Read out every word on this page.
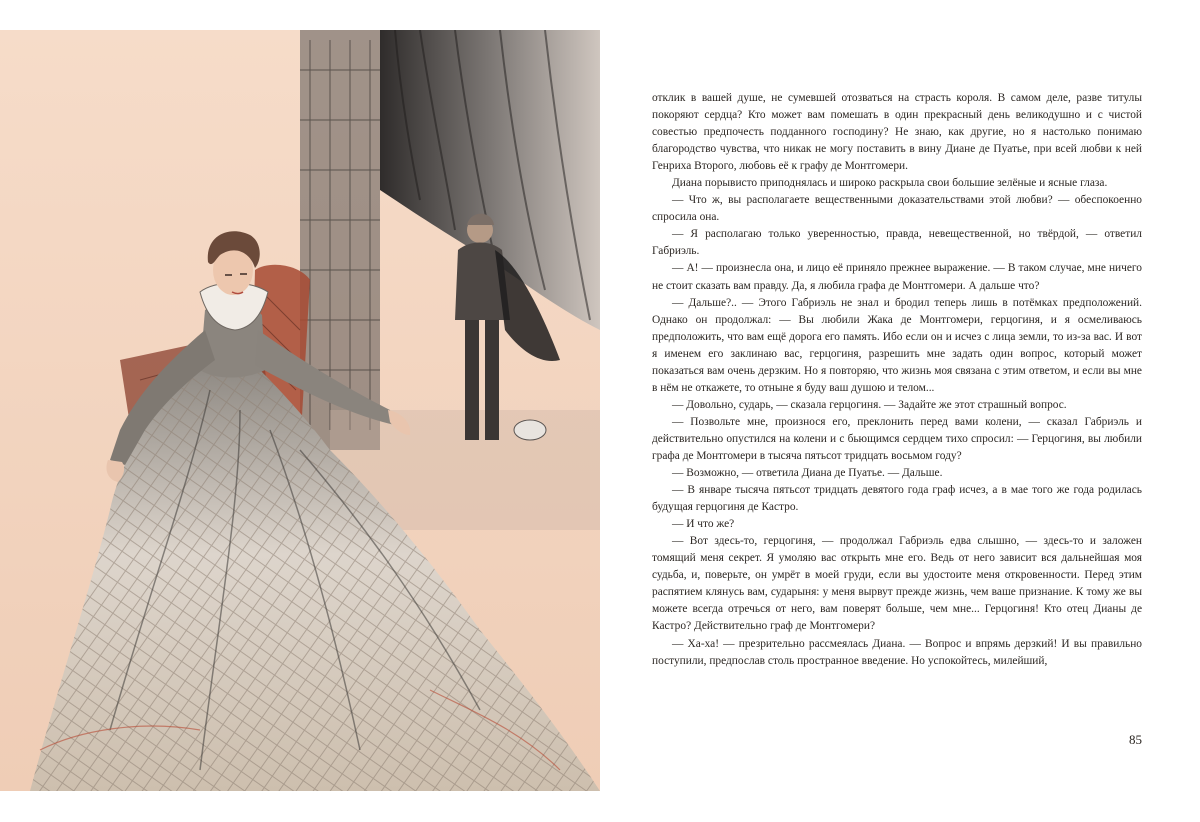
отклик в вашей душе, не сумевшей отозваться на страсть короля. В самом деле, разве титулы покоряют сердца? Кто может вам помешать в один прекрасный день великодушно и с чистой совестью предпочесть подданного господину? Не знаю, как другие, но я настолько понимаю благородство чувства, что никак не могу поставить в вину Диане де Пуатье, при всей любви к ней Генриха Второго, любовь её к графу де Монтгомери.

Диана порывисто приподнялась и широко раскрыла свои большие зелёные и ясные глаза.

— Что ж, вы располагаете вещественными доказательствами этой любви? — обеспокоенно спросила она.

— Я располагаю только уверенностью, правда, невещественной, но твёрдой, — ответил Габриэль.

— А! — произнесла она, и лицо её приняло прежнее выражение. — В таком случае, мне ничего не стоит сказать вам правду. Да, я любила графа де Монтгомери. А дальше что?

— Дальше?.. — Этого Габриэль не знал и бродил теперь лишь в потёмках предположений. Однако он продолжал: — Вы любили Жака де Монтгомери, герцогиня, и я осмеливаюсь предположить, что вам ещё дорога его память. Ибо если он и исчез с лица земли, то из-за вас. И вот я именем его заклинаю вас, герцогиня, разрешить мне задать один вопрос, который может показаться вам очень дерзким. Но я повторяю, что жизнь моя связана с этим ответом, и если вы мне в нём не откажете, то отныне я буду ваш душою и телом...

— Довольно, сударь, — сказала герцогиня. — Задайте же этот страшный вопрос.

— Позвольте мне, произнося его, преклонить перед вами колени, — сказал Габриэль и действительно опустился на колени и с бьющимся сердцем тихо спросил: — Герцогиня, вы любили графа де Монтгомери в тысяча пятьсот тридцать восьмом году?

— Возможно, — ответила Диана де Пуатье. — Дальше.

— В январе тысяча пятьсот тридцать девятого года граф исчез, а в мае того же года родилась будущая герцогиня де Кастро.

— И что же?

— Вот здесь-то, герцогиня, — продолжал Габриэль едва слышно, — здесь-то и заложен томящий меня секрет. Я умоляю вас открыть мне его. Ведь от него зависит вся дальнейшая моя судьба, и, поверьте, он умрёт в моей груди, если вы удостоите меня откровенности. Перед этим распятием клянусь вам, сударыня: у меня вырвут прежде жизнь, чем ваше признание. К тому же вы можете всегда отречься от него, вам поверят больше, чем мне... Герцогиня! Кто отец Дианы де Кастро? Действительно граф де Монтгомери?

— Ха-ха! — презрительно рассмеялась Диана. — Вопрос и впрямь дерзкий! И вы правильно поступили, предпослав столь пространное введение. Но успокойтесь, милейший,

85
